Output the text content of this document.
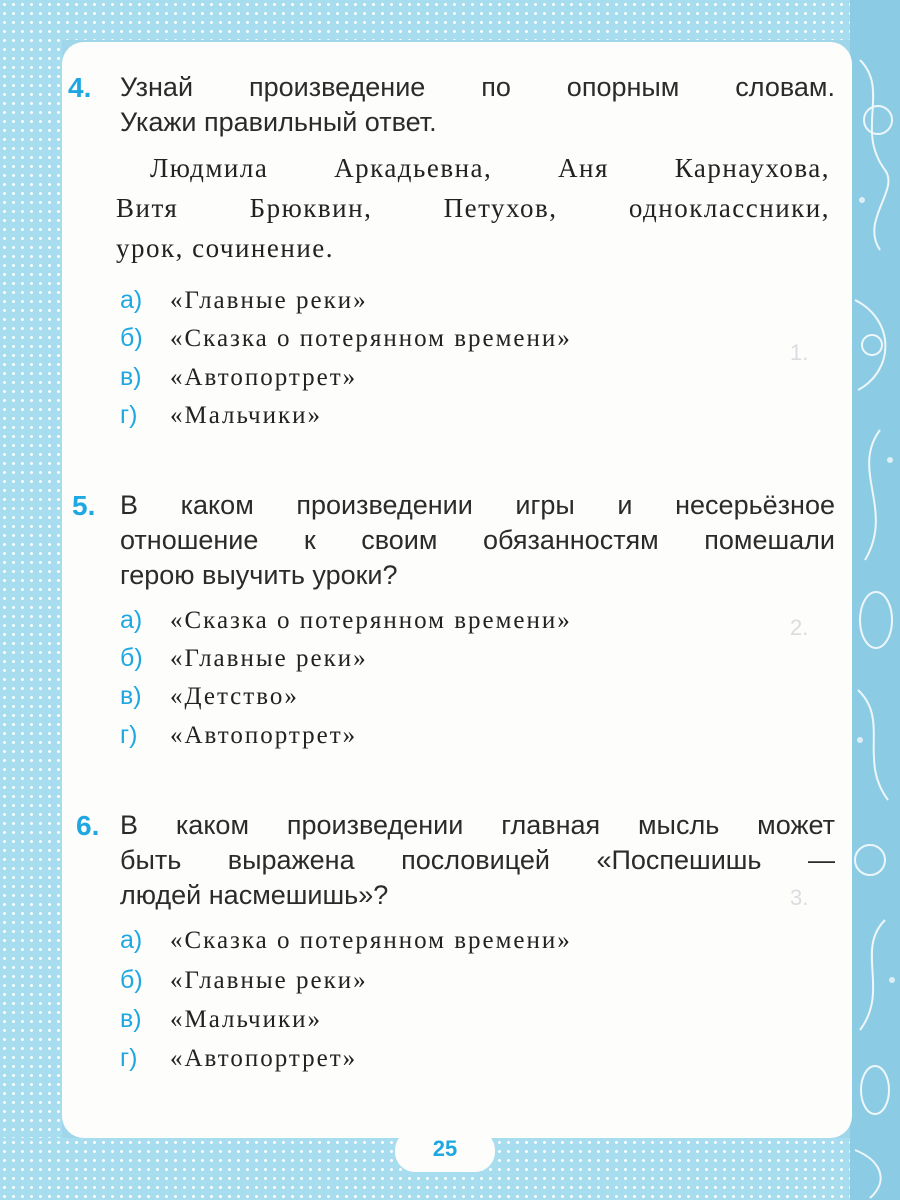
1.
2.
3.
4. Узнай произведение по опорным словам.
Укажи правильный ответ.
Людмила Аркадьевна, Аня Карнаухова,
Витя Брюквин, Петухов, одноклассники,
урок, сочинение.
а) «Главные реки»
б) «Сказка о потерянном времени»
в) «Автопортрет»
г) «Мальчики»
5. В каком произведении игры и несерьёзное
отношение к своим обязанностям помешали
герою выучить уроки?
а) «Сказка о потерянном времени»
б) «Главные реки»
в) «Детство»
г) «Автопортрет»
6. В каком произведении главная мысль может
быть выражена пословицей «Поспешишь —
людей насмешишь»?
а) «Сказка о потерянном времени»
б) «Главные реки»
в) «Мальчики»
г) «Автопортрет»
25
